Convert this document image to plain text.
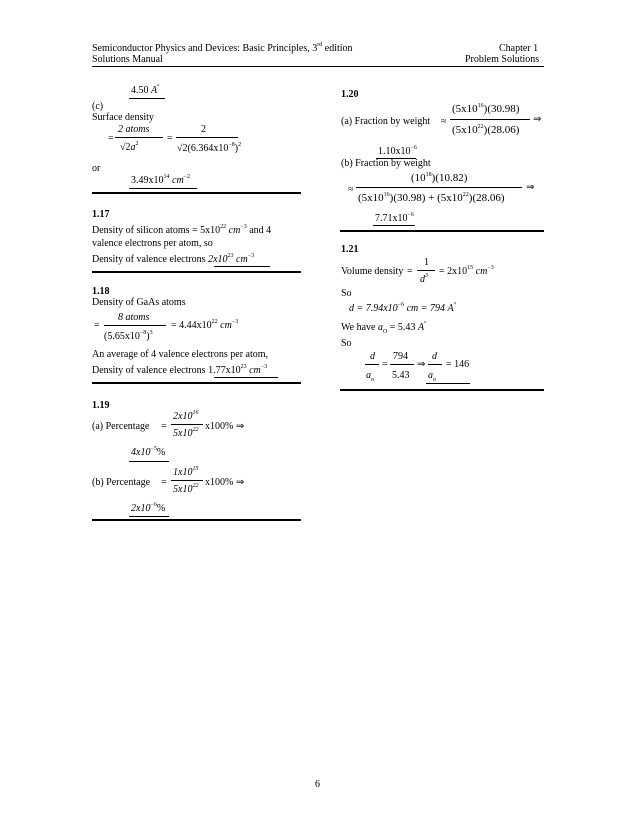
Semiconductor Physics and Devices: Basic Principles, 3rd edition
Solutions Manual
Chapter 1
Problem Solutions
4.50 A°
(c)
Surface density
=
2 atoms
$√2a^2$	=
2
$√2(6.364x10^{-8})^2$
or
$3.49x10^{14}$ $cm^{-2}$
1.17
Density of silicon atoms = $5x10^{22}$ $cm^{-3}$ and 4
valence electrons per atom, so
Density of valence electrons $2x10^{23}$ $cm^{-3}$
1.18
Density of GaAs atoms
=
8 atoms
$(5.65x10^{-8})^3$
= $4.44x10^{22}$ $cm^{-3}$
An average of 4 valence electrons per atom,
Density of valence electrons $1.77x10^{23}$ $cm^{-3}$
1.19
(a) Percentage =
$2x10^{16}$
$5x10^{22}$ x100% ⇒
$4x10^{-5}\%$
(b) Percentage =
$1x10^{15}$
$5x10^{22}$ x100% ⇒
$2x10^{-6}\%$
1.20
(a) Fraction by weight ≈
$(5x10^{16})(30.98)$
$(5x10^{22})(28.06)$
⇒
$1.10x10^{-6}$
(b) Fraction by weight
≈
$(10^{18})(10.82)$
$(5x10^{16})(30.98) + (5x10^{22})(28.06)$
⇒
$7.71x10^{-6}$
1.21
Volume density =
1
$d^3 = 2x10^{15}$ $cm^{-3}$
So
$d = 7.94x10^{-6}$ cm = 794 A°
We have $a_O = 5.43$ A°
So
d
$a_o$
=
794
5.43
⇒
d
$a_o$
= 146
6
